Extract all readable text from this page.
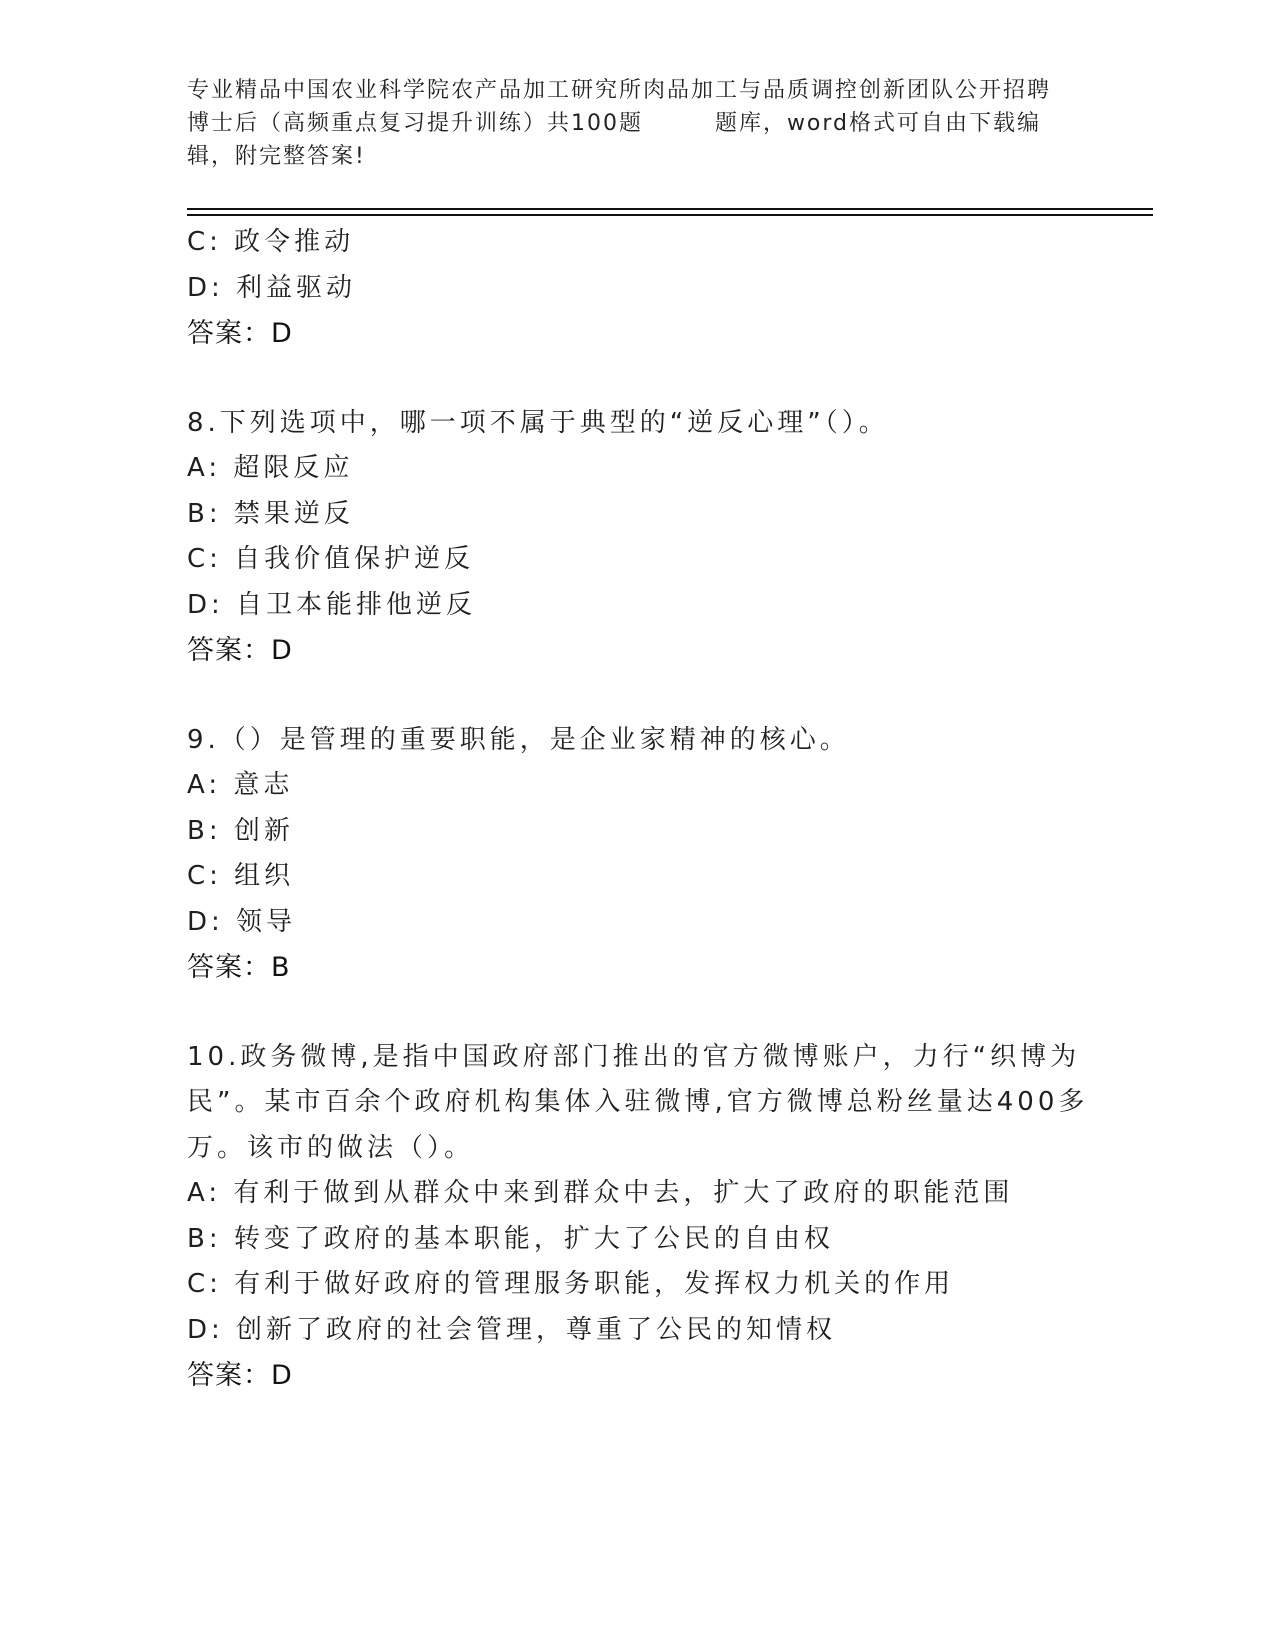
专业精品中国农业科学院农产品加工研究所肉品加工与品质调控创新团队公开招聘
博士后（高频重点复习提升训练）共100题        题库，word格式可自由下载编
辑，附完整答案!
C: 政令推动
D: 利益驱动
答案：D
8.下列选项中，哪一项不属于典型的“逆反心理”（）。
A: 超限反应
B: 禁果逆反
C: 自我价值保护逆反
D: 自卫本能排他逆反
答案：D
9.（）是管理的重要职能，是企业家精神的核心。
A: 意志
B: 创新
C: 组织
D: 领导
答案：B
10.政务微博,是指中国政府部门推出的官方微博账户，力行“织博为
民”。某市百余个政府机构集体入驻微博,官方微博总粉丝量达400多
万。该市的做法（）。
A: 有利于做到从群众中来到群众中去，扩大了政府的职能范围
B: 转变了政府的基本职能，扩大了公民的自由权
C: 有利于做好政府的管理服务职能，发挥权力机关的作用
D: 创新了政府的社会管理，尊重了公民的知情权
答案：D
